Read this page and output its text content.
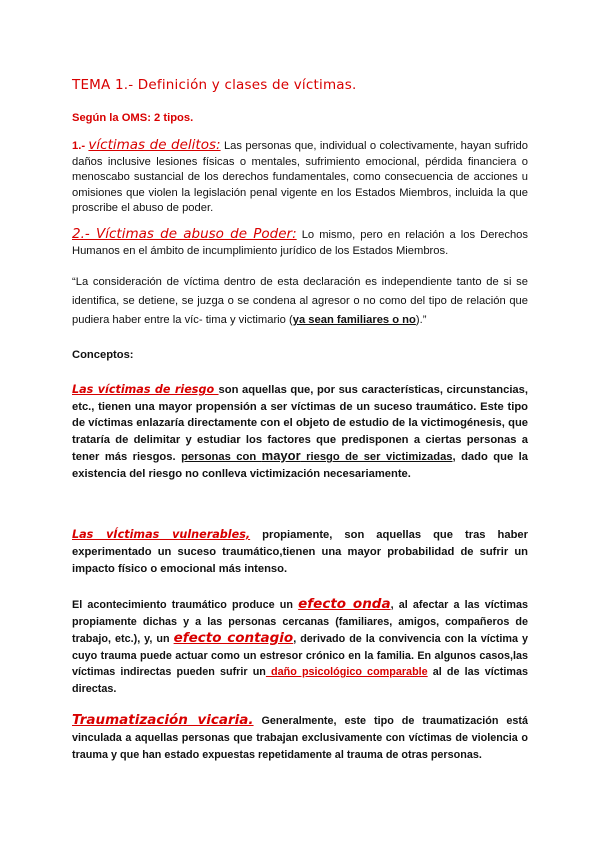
TEMA 1.- Definición y clases de víctimas.
Según la OMS: 2 tipos.
1.- víctimas de delitos: Las personas que, individual o colectivamente, hayan sufrido daños inclusive lesiones físicas o mentales, sufrimiento emocional, pérdida financiera o menoscabo sustancial de los derechos fundamentales, como consecuencia de acciones u omisiones que violen la legislación penal vigente en los Estados Miembros, incluida la que proscribe el abuso de poder.
2.- Víctimas de abuso de Poder: Lo mismo, pero en relación a los Derechos Humanos en el ámbito de incumplimiento jurídico de los Estados Miembros.
“La consideración de víctima dentro de esta declaración es independiente tanto de si se identifica, se detiene, se juzga o se condena al agresor o no como del tipo de relación que pudiera haber entre la víc- tima y victimario (ya sean familiares o no).”
Conceptos:
Las víctimas de riesgo son aquellas que, por sus características, circunstancias, etc., tienen una mayor propensión a ser víctimas de un suceso traumático. Este tipo de víctimas enlazaría directamente con el objeto de estudio de la victimogénesis, que trataría de delimitar y estudiar los factores que predisponen a ciertas personas a tener más riesgos. personas con mayor riesgo de ser victimizadas, dado que la existencia del riesgo no conlleva victimización necesariamente.
Las vÍctimas vulnerables, propiamente, son aquellas que tras haber experimentado un suceso traumático,tienen una mayor probabilidad de sufrir un impacto físico o emocional más intenso.
El acontecimiento traumático produce un efecto onda, al afectar a las víctimas propiamente dichas y a las personas cercanas (familiares, amigos, compañeros de trabajo, etc.), y, un efecto contagio, derivado de la convivencia con la víctima y cuyo trauma puede actuar como un estresor crónico en la familia. En algunos casos,las víctimas indirectas pueden sufrir un daño psicológico comparable al de las víctimas directas.
Traumatización vicaria. Generalmente, este tipo de traumatización está vinculada a aquellas personas que trabajan exclusivamente con víctimas de violencia o trauma y que han estado expuestas repetidamente al trauma de otras personas.
